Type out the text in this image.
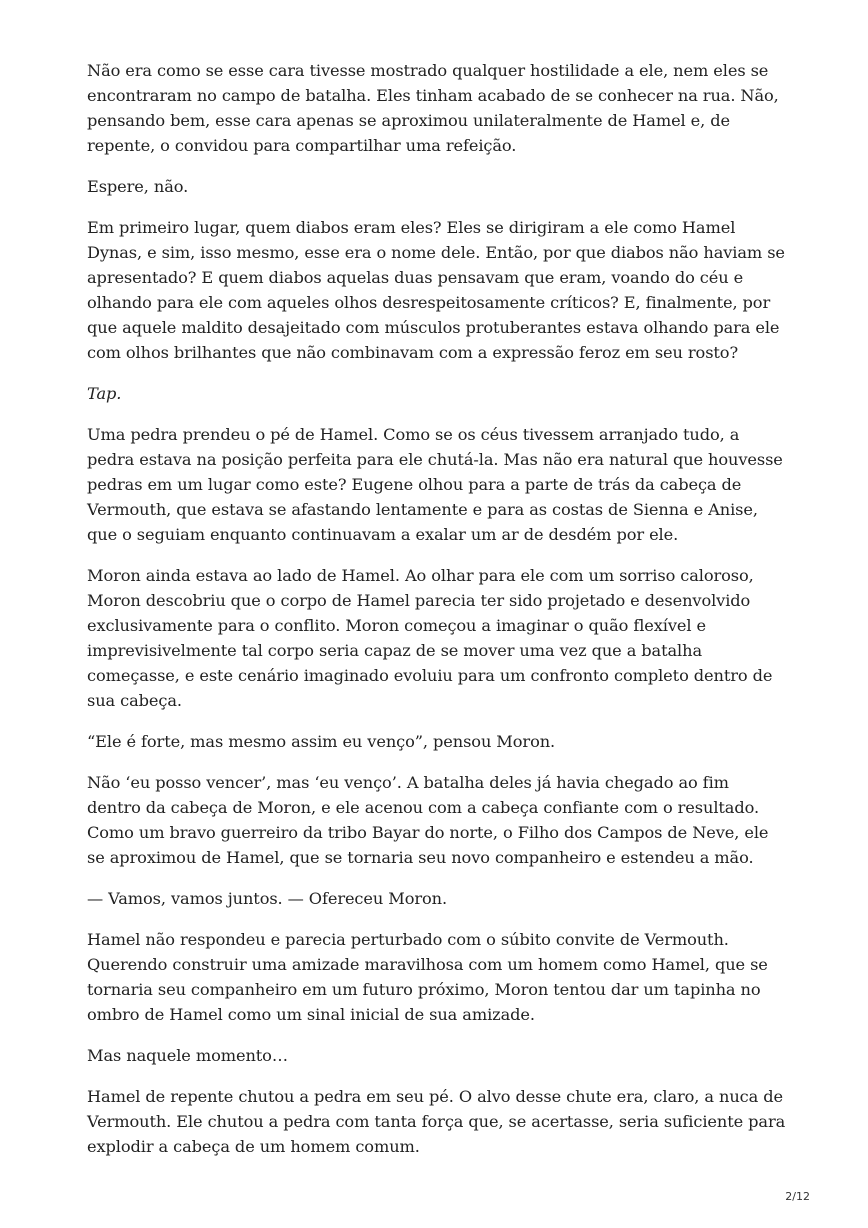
Não era como se esse cara tivesse mostrado qualquer hostilidade a ele, nem eles se encontraram no campo de batalha. Eles tinham acabado de se conhecer na rua. Não, pensando bem, esse cara apenas se aproximou unilateralmente de Hamel e, de repente, o convidou para compartilhar uma refeição.

Espere, não.

Em primeiro lugar, quem diabos eram eles? Eles se dirigiram a ele como Hamel Dynas, e sim, isso mesmo, esse era o nome dele. Então, por que diabos não haviam se apresentado? E quem diabos aquelas duas pensavam que eram, voando do céu e olhando para ele com aqueles olhos desrespeitosamente críticos? E, finalmente, por que aquele maldito desajeitado com músculos protuberantes estava olhando para ele com olhos brilhantes que não combinavam com a expressão feroz em seu rosto?

Tap.

Uma pedra prendeu o pé de Hamel. Como se os céus tivessem arranjado tudo, a pedra estava na posição perfeita para ele chutá-la. Mas não era natural que houvesse pedras em um lugar como este? Eugene olhou para a parte de trás da cabeça de Vermouth, que estava se afastando lentamente e para as costas de Sienna e Anise, que o seguiam enquanto continuavam a exalar um ar de desdém por ele.

Moron ainda estava ao lado de Hamel. Ao olhar para ele com um sorriso caloroso, Moron descobriu que o corpo de Hamel parecia ter sido projetado e desenvolvido exclusivamente para o conflito. Moron começou a imaginar o quão flexível e imprevisivelmente tal corpo seria capaz de se mover uma vez que a batalha começasse, e este cenário imaginado evoluiu para um confronto completo dentro de sua cabeça.

“Ele é forte, mas mesmo assim eu venço”, pensou Moron.

Não ‘eu posso vencer’, mas ‘eu venço’. A batalha deles já havia chegado ao fim dentro da cabeça de Moron, e ele acenou com a cabeça confiante com o resultado. Como um bravo guerreiro da tribo Bayar do norte, o Filho dos Campos de Neve, ele se aproximou de Hamel, que se tornaria seu novo companheiro e estendeu a mão.

— Vamos, vamos juntos. — Ofereceu Moron.

Hamel não respondeu e parecia perturbado com o súbito convite de Vermouth. Querendo construir uma amizade maravilhosa com um homem como Hamel, que se tornaria seu companheiro em um futuro próximo, Moron tentou dar um tapinha no ombro de Hamel como um sinal inicial de sua amizade.

Mas naquele momento…

Hamel de repente chutou a pedra em seu pé. O alvo desse chute era, claro, a nuca de Vermouth. Ele chutou a pedra com tanta força que, se acertasse, seria suficiente para explodir a cabeça de um homem comum.

2/12
